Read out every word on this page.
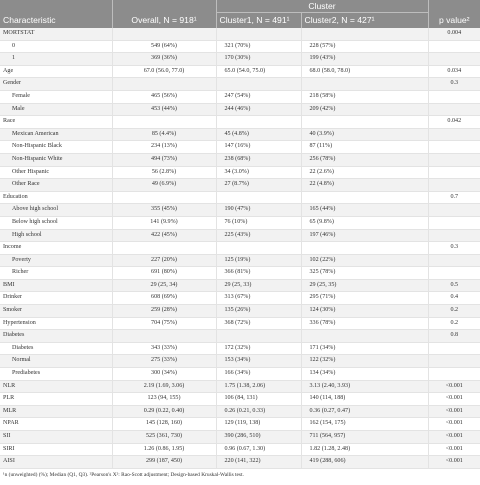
		Cluster		
Characteristic	Overall, N = 918¹	Cluster1, N = 491¹	Cluster2, N = 427¹	p value²
MORTSTAT				0.004
0	549 (64%)	321 (70%)	228 (57%)	
1	369 (36%)	170 (30%)	199 (43%)	
Age	67.0 (56.0, 77.0)	65.0 (54.0, 75.0)	68.0 (58.0, 78.0)	0.034
Gender				0.3
Female	465 (56%)	247 (54%)	218 (58%)	
Male	453 (44%)	244 (46%)	209 (42%)	
Race				0.042
Mexican American	85 (4.4%)	45 (4.8%)	40 (3.9%)	
Non-Hispanic Black	234 (13%)	147 (16%)	87 (11%)	
Non-Hispanic White	494 (73%)	238 (68%)	256 (78%)	
Other Hispanic	56 (2.8%)	34 (3.0%)	22 (2.6%)	
Other Race	49 (6.9%)	27 (8.7%)	22 (4.8%)	
Education				0.7
Above high school	355 (45%)	190 (47%)	165 (44%)	
Below high school	141 (9.9%)	76 (10%)	65 (9.8%)	
High school	422 (45%)	225 (43%)	197 (46%)	
Income				0.3
Poverty	227 (20%)	125 (19%)	102 (22%)	
Richer	691 (80%)	366 (81%)	325 (78%)	
BMI	29 (25, 34)	29 (25, 33)	29 (25, 35)	0.5
Drinker	608 (69%)	313 (67%)	295 (71%)	0.4
Smoker	259 (28%)	135 (26%)	124 (30%)	0.2
Hypertension	704 (75%)	368 (72%)	336 (78%)	0.2
Diabetes				0.8
Diabetes	343 (33%)	172 (32%)	171 (34%)	
Normal	275 (33%)	153 (34%)	122 (32%)	
Prediabetes	300 (34%)	166 (34%)	134 (34%)	
NLR	2.19 (1.69, 3.06)	1.75 (1.38, 2.06)	3.13 (2.40, 3.93)	<0.001
PLR	123 (94, 155)	106 (84, 131)	140 (114, 188)	<0.001
MLR	0.29 (0.22, 0.40)	0.26 (0.21, 0.33)	0.36 (0.27, 0.47)	<0.001
NPAR	145 (128, 160)	129 (119, 138)	162 (154, 175)	<0.001
SII	525 (361, 730)	390 (286, 510)	711 (564, 957)	<0.001
SIRI	1.26 (0.86, 1.95)	0.96 (0.67, 1.30)	1.82 (1.28, 2.48)	<0.001
AISI	299 (187, 450)	220 (141, 322)	419 (288, 606)	<0.001
¹n (unweighted) (%); Median (Q1, Q3). ²Pearson's X²: Rao-Scott adjustment; Design-based Kruskal-Wallis test.
